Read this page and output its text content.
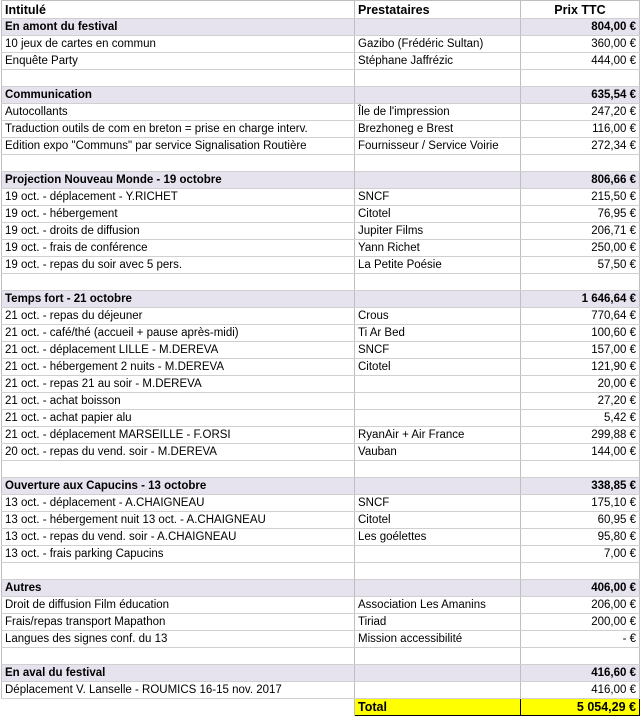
Intitulé	Prestataires	Prix TTC
En amont du festival		804,00 €
10 jeux de cartes en commun	Gazibo (Frédéric Sultan)	360,00 €
Enquête Party	Stéphane Jaffrézic	444,00 €

Communication		635,54 €
Autocollants	Île de l'impression	247,20 €
Traduction outils de com en breton = prise en charge interv.	Brezhoneg e Brest	116,00 €
Edition expo "Communs" par service Signalisation Routière	Fournisseur / Service Voirie	272,34 €

Projection Nouveau Monde - 19 octobre		806,66 €
19 oct. - déplacement - Y.RICHET	SNCF	215,50 €
19 oct. - hébergement	Citotel	76,95 €
19 oct. - droits de diffusion	Jupiter Films	206,71 €
19 oct. - frais de conférence	Yann Richet	250,00 €
19 oct. - repas du soir avec 5 pers.	La Petite Poésie	57,50 €

Temps fort - 21 octobre		1 646,64 €
21 oct. - repas du déjeuner	Crous	770,64 €
21 oct. - café/thé (accueil + pause après-midi)	Ti Ar Bed	100,60 €
21 oct. - déplacement LILLE - M.DEREVA	SNCF	157,00 €
21 oct. - hébergement 2 nuits - M.DEREVA	Citotel	121,90 €
21 oct. - repas 21 au soir - M.DEREVA		20,00 €
21 oct. - achat boisson		27,20 €
21 oct. - achat papier alu		5,42 €
21 oct. - déplacement MARSEILLE - F.ORSI	RyanAir + Air France	299,88 €
20 oct. - repas du vend. soir - M.DEREVA	Vauban	144,00 €

Ouverture aux Capucins - 13 octobre		338,85 €
13 oct. - déplacement - A.CHAIGNEAU	SNCF	175,10 €
13 oct. - hébergement nuit 13 oct. - A.CHAIGNEAU	Citotel	60,95 €
13 oct. - repas du vend. soir - A.CHAIGNEAU	Les goélettes	95,80 €
13 oct. - frais parking Capucins		7,00 €

Autres		406,00 €
Droit de diffusion Film éducation	Association Les Amanins	206,00 €
Frais/repas transport Mapathon	Tiriad	200,00 €
Langues des signes conf. du 13	Mission accessibilité	- €

En aval du festival		416,60 €
Déplacement V. Lanselle - ROUMICS 16-15 nov. 2017		416,00 €
	Total	5 054,29 €
